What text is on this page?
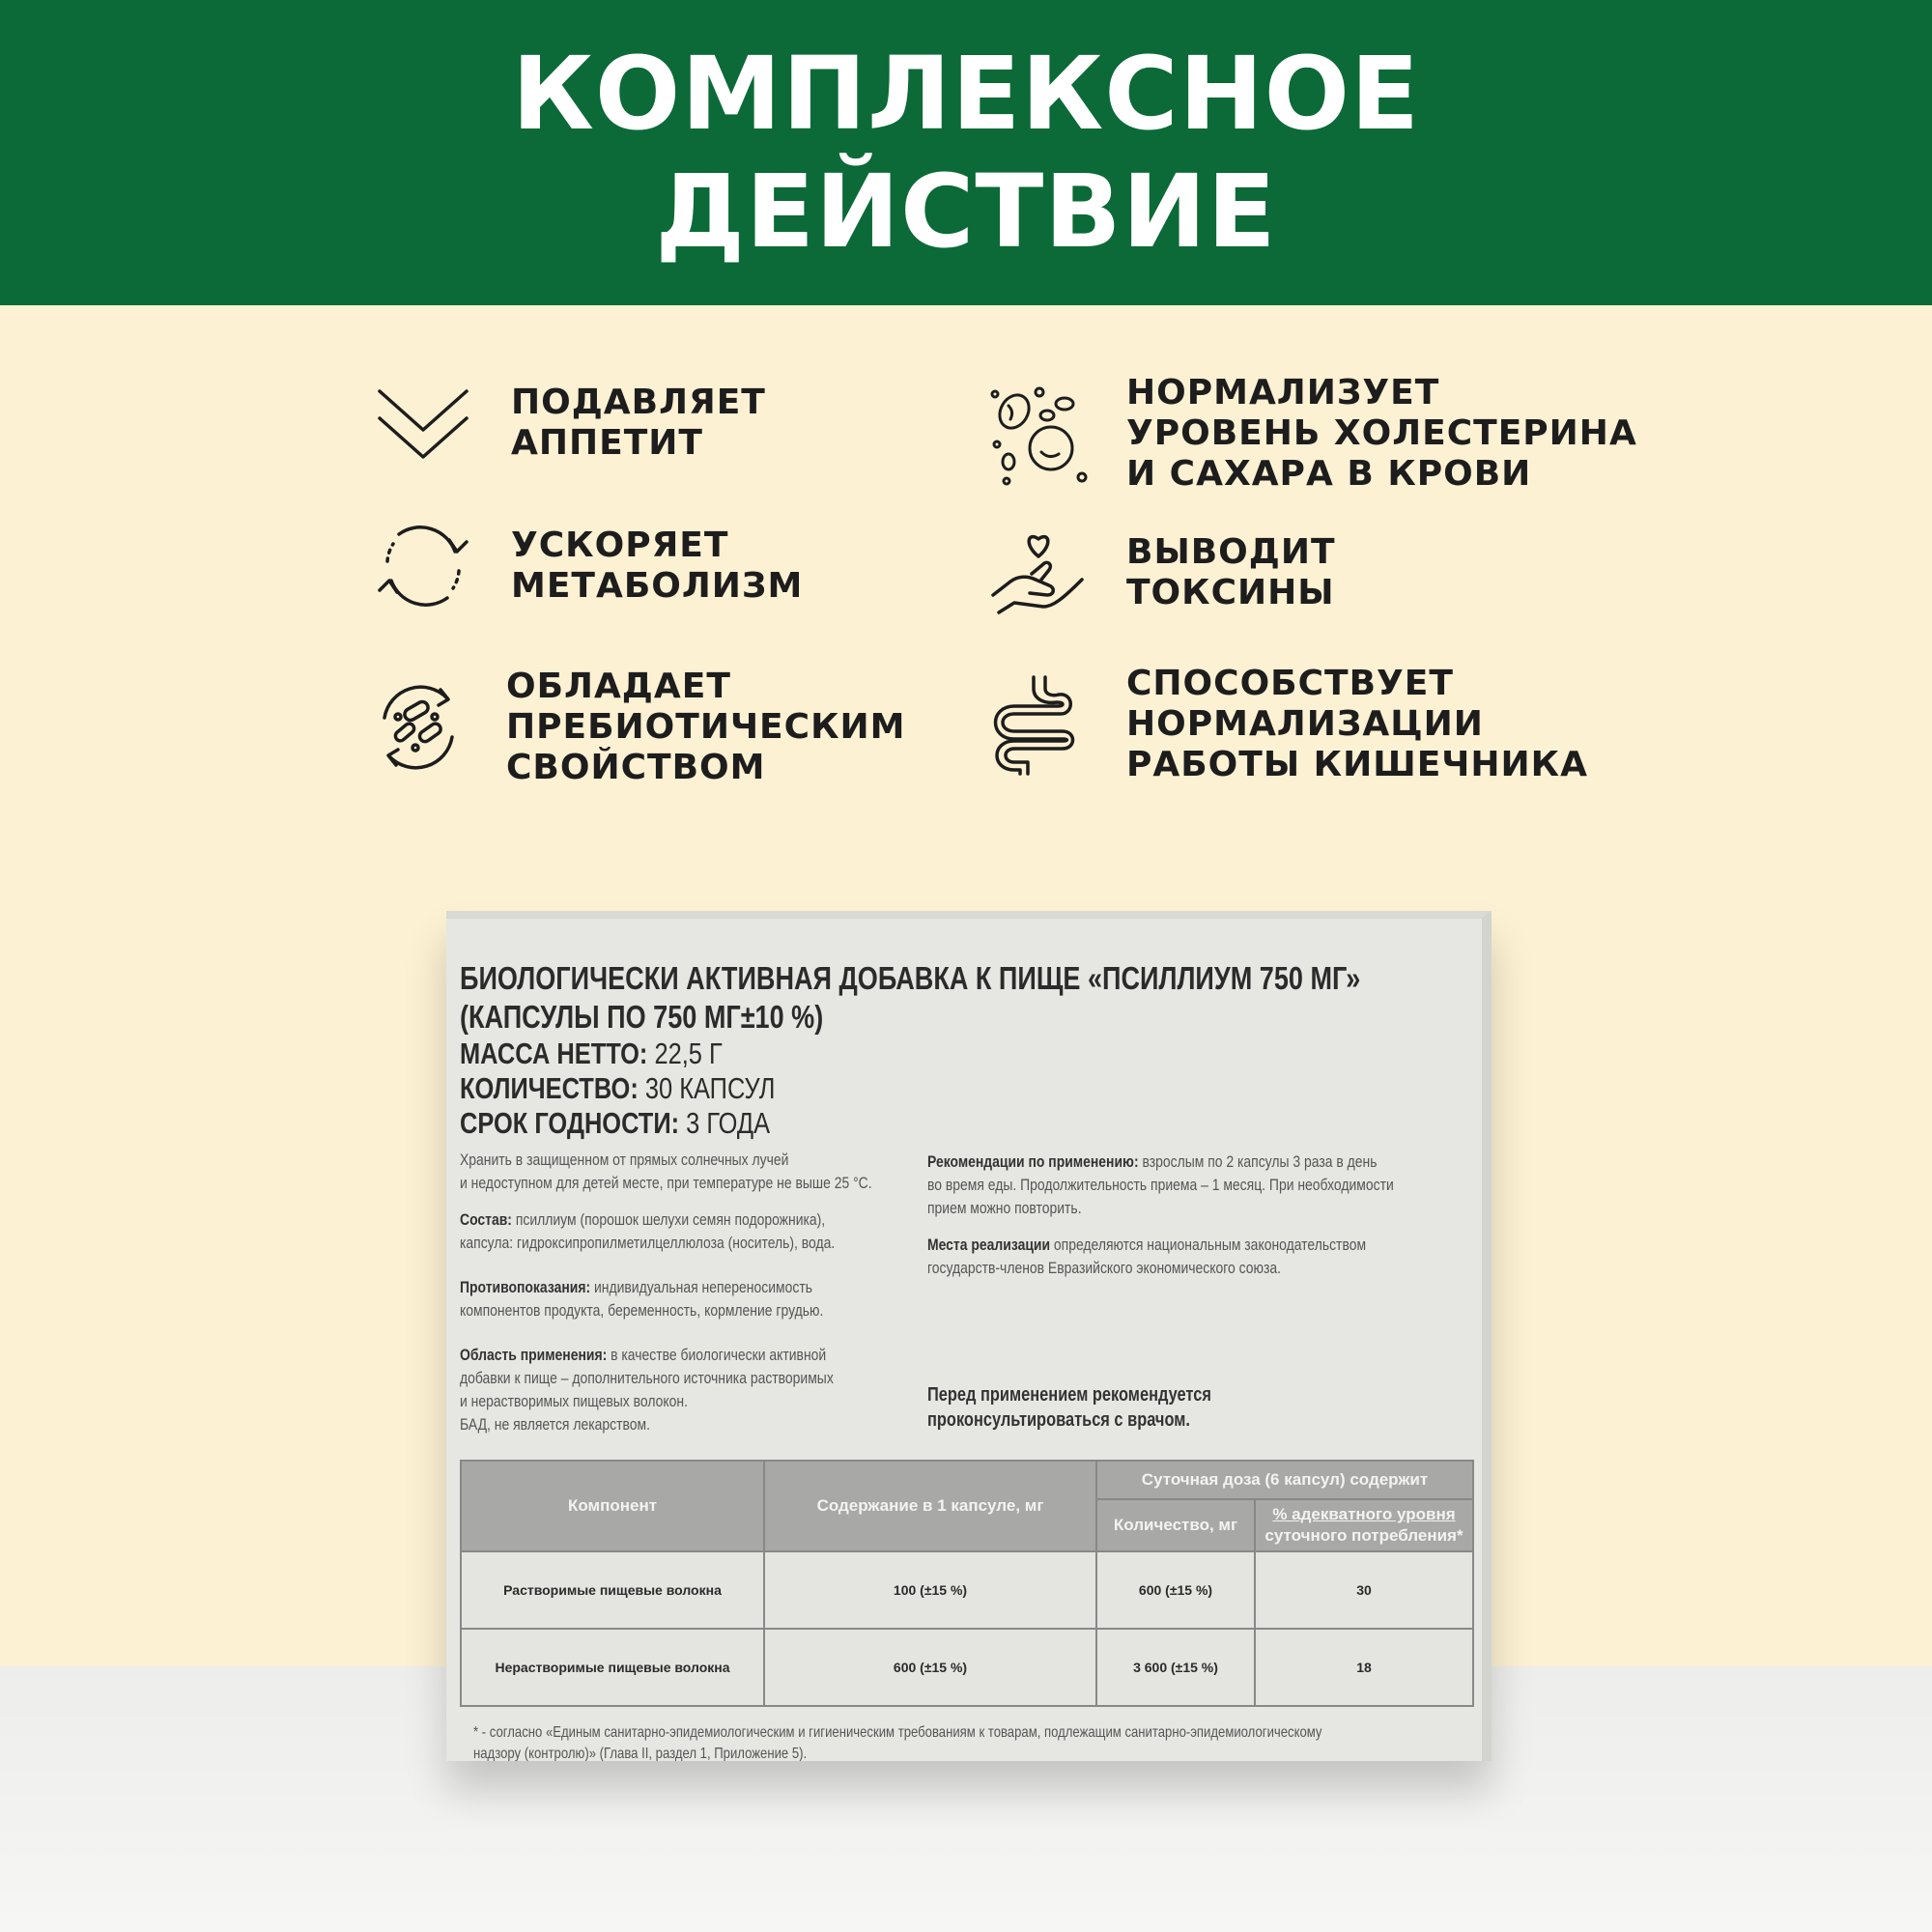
КОМПЛЕКСНОЕ
ДЕЙСТВИЕ
ПОДАВЛЯЕТ
АППЕТИТ
УСКОРЯЕТ
МЕТАБОЛИЗМ
ОБЛАДАЕТ
ПРЕБИОТИЧЕСКИМ
СВОЙСТВОМ
НОРМАЛИЗУЕТ
УРОВЕНЬ ХОЛЕСТЕРИНА
И САХАРА В КРОВИ
ВЫВОДИТ
ТОКСИНЫ
СПОСОБСТВУЕТ
НОРМАЛИЗАЦИИ
РАБОТЫ КИШЕЧНИКА
БИОЛОГИЧЕСКИ АКТИВНАЯ ДОБАВКА К ПИЩЕ «ПСИЛЛИУМ 750 МГ»
(КАПСУЛЫ ПО 750 МГ±10 %)
МАССА НЕТТО: 22,5 Г
КОЛИЧЕСТВО: 30 КАПСУЛ
СРОК ГОДНОСТИ: 3 ГОДА

Хранить в защищенном от прямых солнечных лучей
и недоступном для детей месте, при температуре не выше 25 °С.

Состав: псиллиум (порошок шелухи семян подорожника),
капсула: гидроксипропилметилцеллюлоза (носитель), вода.

Противопоказания: индивидуальная непереносимость
компонентов продукта, беременность, кормление грудью.

Область применения: в качестве биологически активной
добавки к пище – дополнительного источника растворимых
и нерастворимых пищевых волокон.
БАД, не является лекарством.

Рекомендации по применению: взрослым по 2 капсулы 3 раза в день
во время еды. Продолжительность приема – 1 месяц. При необходимости
прием можно повторить.

Места реализации определяются национальным законодательством
государств-членов Евразийского экономического союза.

Перед применением рекомендуется
проконсультироваться с врачом.
Компонент	Содержание в 1 капсуле, мг	Суточная доза (6 капсул) содержит	
		Количество, мг	% адекватного уровня
суточного потребления*

Растворимые пищевые волокна	100 (±15 %)	600 (±15 %)	30
Нерастворимые пищевые волокна	600 (±15 %)	3 600 (±15 %)	18
* - согласно «Единым санитарно-эпидемиологическим и гигиеническим требованиям к товарам, подлежащим санитарно-эпидемиологическому
надзору (контролю)» (Глава II, раздел 1, Приложение 5).
